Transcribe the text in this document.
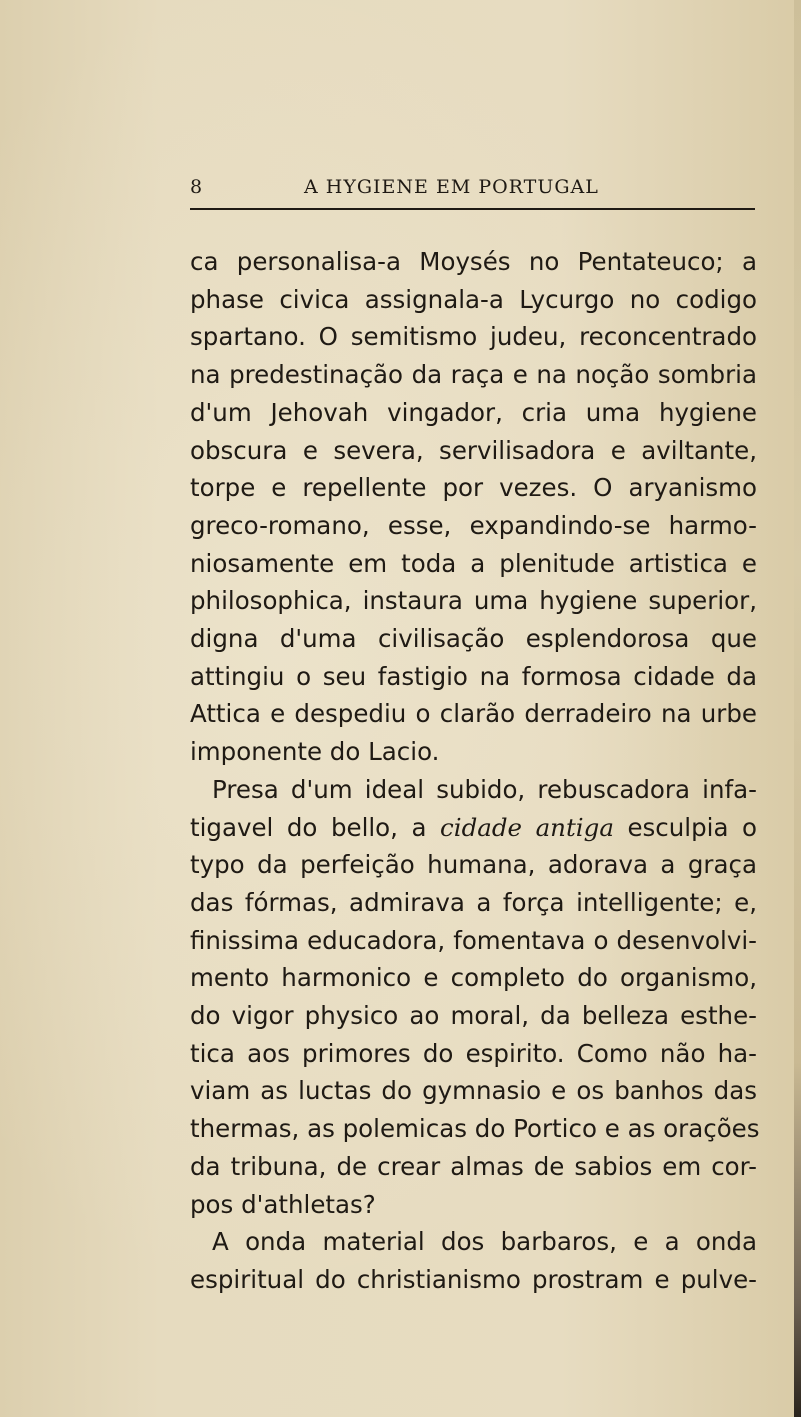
8	A HYGIENE EM PORTUGAL
ca personalisa-a Moysés no Pentateuco; a
phase civica assignala-a Lycurgo no codigo
spartano. O semitismo judeu, reconcentrado
na predestinação da raça e na noção sombria
d'um Jehovah vingador, cria uma hygiene
obscura e severa, servilisadora e aviltante,
torpe e repellente por vezes. O aryanismo
greco-romano, esse, expandindo-se harmo-
niosamente em toda a plenitude artistica e
philosophica, instaura uma hygiene superior,
digna d'uma civilisação esplendorosa que
attingiu o seu fastigio na formosa cidade da
Attica e despediu o clarão derradeiro na urbe
imponente do Lacio.
Presa d'um ideal subido, rebuscadora infa-
tigavel do bello, a cidade antiga esculpia o
typo da perfeição humana, adorava a graça
das fórmas, admirava a força intelligente; e,
finissima educadora, fomentava o desenvolvi-
mento harmonico e completo do organismo,
do vigor physico ao moral, da belleza esthe-
tica aos primores do espirito. Como não ha-
viam as luctas do gymnasio e os banhos das
thermas, as polemicas do Portico e as orações
da tribuna, de crear almas de sabios em cor-
pos d'athletas?
A onda material dos barbaros, e a onda
espiritual do christianismo prostram e pulve-
